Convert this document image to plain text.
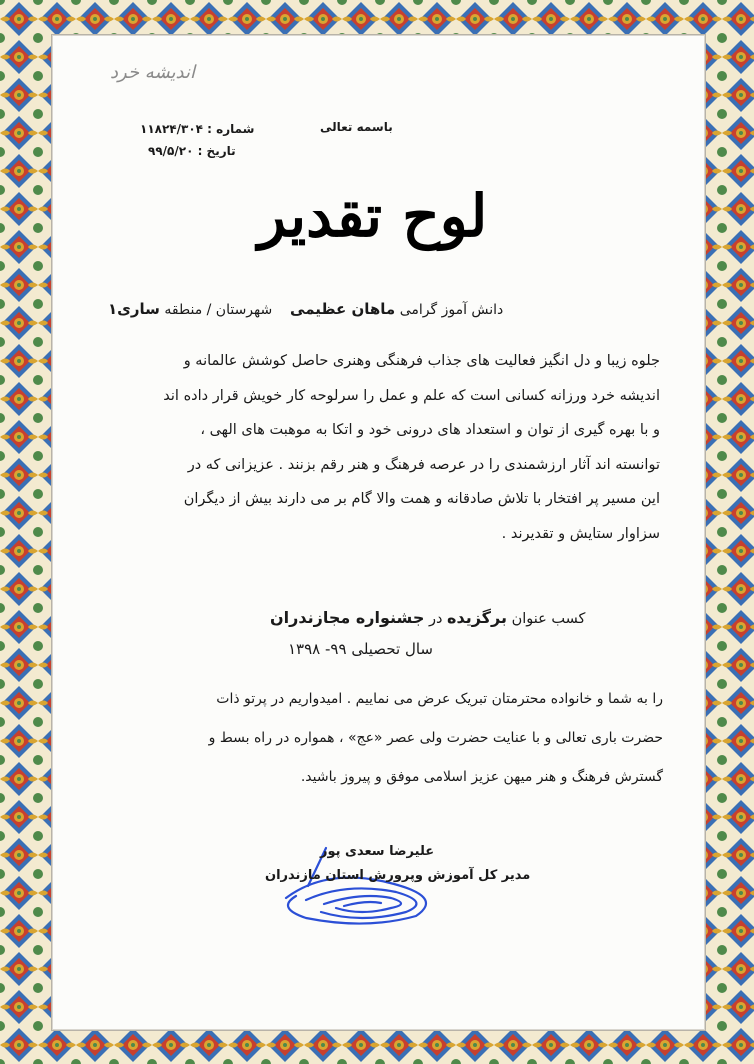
اندیشه خرد
باسمه تعالی
شماره : ۱۱۸۲۴/۳۰۴
تاریخ : ۹۹/۵/۲۰
لوح تقدیر
دانش آموز گرامی ماهان عظیمی    شهرستان / منطقه ساری۱
جلوه زیبا و دل انگیز فعالیت های جذاب فرهنگی وهنری حاصل کوشش عالمانه و
اندیشه خرد ورزانه کسانی است که علم و عمل را سرلوحه کار خویش قرار داده اند
و با بهره گیری از توان و استعداد های درونی خود و اتکا به موهبت های الهی ،
توانسته اند آثار ارزشمندی را در عرصه فرهنگ و هنر رقم بزنند . عزیزانی که در
این مسیر پر افتخار با تلاش صادقانه و همت والا گام بر می دارند بیش از دیگران
سزاوار ستایش و تقدیرند .
کسب عنوان برگزیده در جشنواره مجازندران
سال تحصیلی ۹۹- ۱۳۹۸
را به شما و خانواده محترمتان تبریک عرض می نماییم . امیدواریم در پرتو ذات
حضرت باری تعالی و با عنایت حضرت ولی عصر «عج» ، همواره در راه بسط و
گسترش فرهنگ و هنر میهن عزیز اسلامی موفق و پیروز باشید.
علیرضا سعدی پور
مدیر کل آموزش وپرورش استان مازندران
